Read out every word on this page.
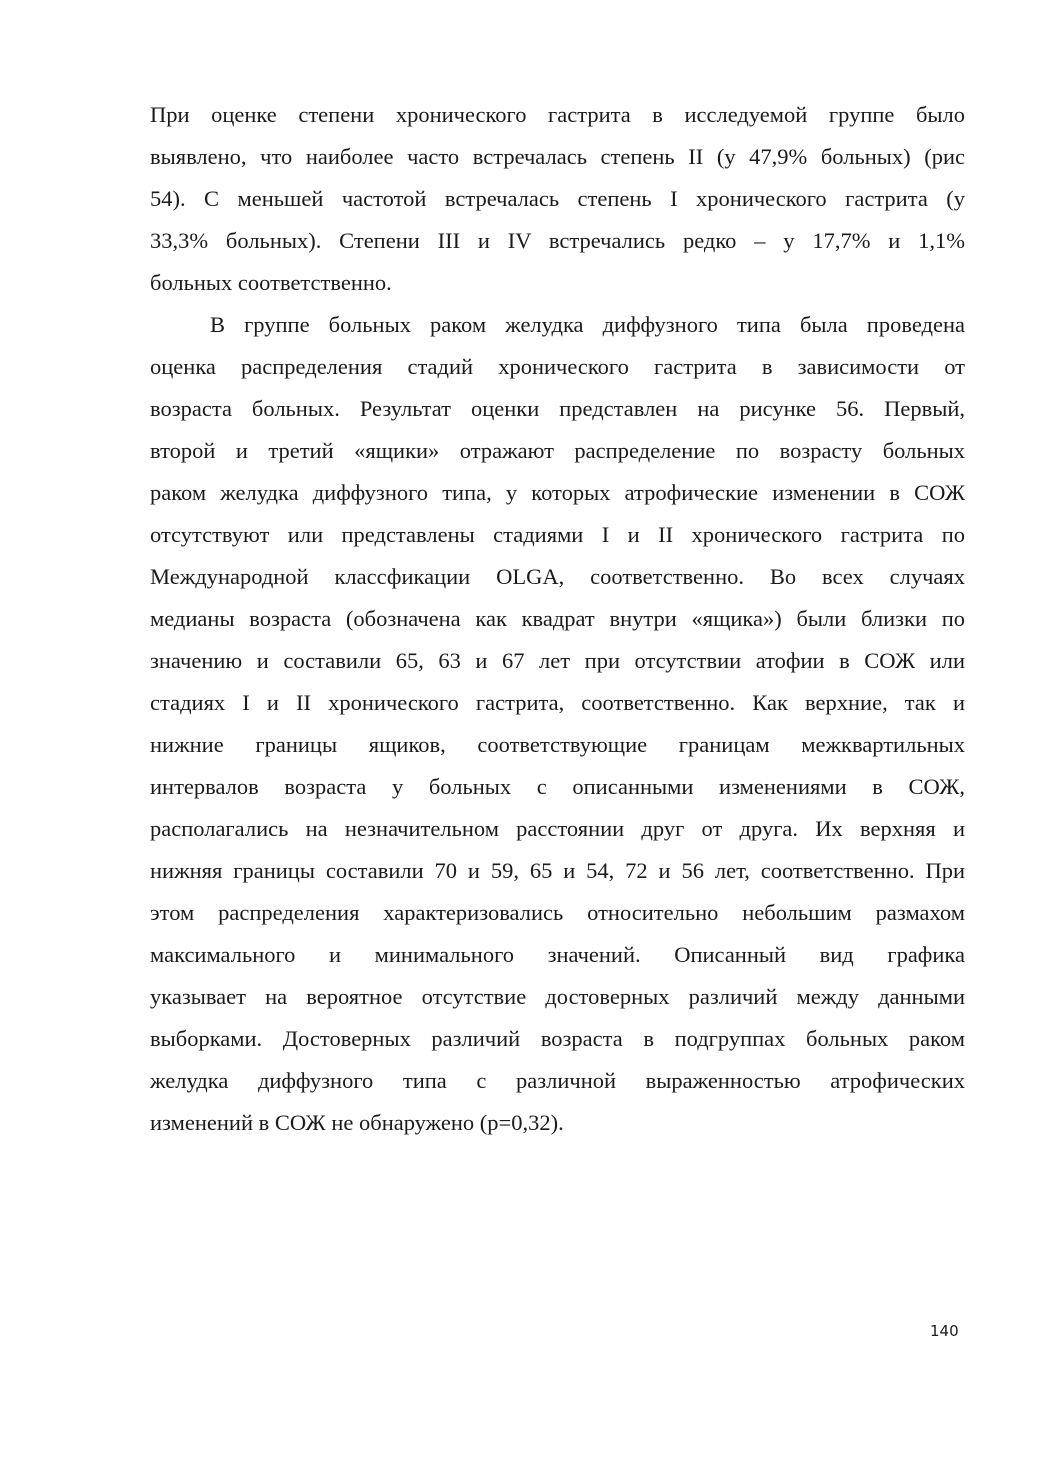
При оценке степени хронического гастрита в исследуемой группе было
выявлено, что наиболее часто встречалась степень II (у 47,9% больных) (рис
54). С меньшей частотой встречалась степень I хронического гастрита (у
33,3% больных). Степени III и IV встречались редко – у 17,7% и 1,1%
больных соответственно.
В группе больных раком желудка диффузного типа была проведена
оценка распределения стадий хронического гастрита в зависимости от
возраста больных. Результат оценки представлен на рисунке 56. Первый,
второй и третий «ящики» отражают распределение по возрасту больных
раком желудка диффузного типа, у которых атрофические изменении в СОЖ
отсутствуют или представлены стадиями I и II хронического гастрита по
Международной классфикации OLGA, соответственно. Во всех случаях
медианы возраста (обозначена как квадрат внутри «ящика») были близки по
значению и составили 65, 63 и 67 лет при отсутствии атофии в СОЖ или
стадиях I и II хронического гастрита, соответственно. Как верхние, так и
нижние границы ящиков, соответствующие границам межквартильных
интервалов возраста у больных с описанными изменениями в СОЖ,
располагались на незначительном расстоянии друг от друга. Их верхняя и
нижняя границы составили 70 и 59, 65 и 54, 72 и 56 лет, соответственно. При
этом распределения характеризовались относительно небольшим размахом
максимального и минимального значений. Описанный вид графика
указывает на вероятное отсутствие достоверных различий между данными
выборками. Достоверных различий возраста в подгруппах больных раком
желудка диффузного типа с различной выраженностью атрофических
изменений в СОЖ не обнаружено (p=0,32).
140
